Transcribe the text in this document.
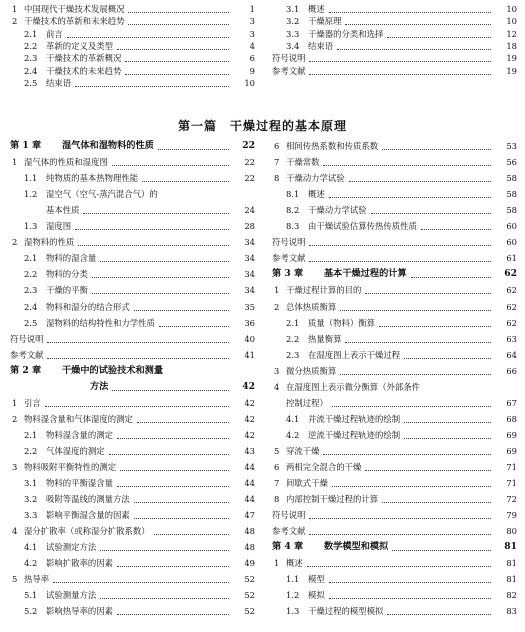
1 中国现代干燥技术发展概况	1
2 干燥技术的革新和未来趋势	3
2.1 前言	3
2.2 革新的定义及类型	4
2.3 干燥技术的革新概况	6
2.4 干燥技术的未来趋势	9
2.5 结束语	10
3.1 概述	10
3.2 干燥原理	10
3.3 干燥器的分类和选择	12
3.4 结束语	18
符号说明	19
参考文献	19
第一篇　干燥过程的基本原理
第 1 章 湿气体和湿物料的性质	22
1 湿气体的性质和湿度图	22
1.1 纯物质的基本热物理性能	22
1.2 湿空气（空气-蒸汽混合气）的
基本性质	24
1.3 湿度图	28
2 湿物料的性质	34
2.1 物料的湿含量	34
2.2 物料的分类	34
2.3 干燥的平衡	34
2.4 物料和湿分的结合形式	35
2.5 湿物料的结构特性和力学性质	36
符号说明	40
参考文献	41
第 2 章 干燥中的试验技术和测量
方法	42
1 引言	42
2 物料湿含量和气体湿度的测定	42
2.1 物料湿含量的测定	42
2.2 气体湿度的测定	43
3 物料吸附平衡特性的测定	44
3.1 物料的平衡湿含量	44
3.2 吸附等温线的测量方法	44
3.3 影响平衡湿含量的因素	47
4 湿分扩散率（或称湿分扩散系数）	48
4.1 试验测定方法	48
4.2 影响扩散率的因素	49
5 热导率	52
5.1 试验测量方法	52
5.2 影响热导率的因素	52
6 相间传热系数和传质系数	53
7 干燥常数	56
8 干燥动力学试验	58
8.1 概述	58
8.2 干燥动力学试验	58
8.3 由干燥试验估算传热传质性质	60
符号说明	60
参考文献	61
第 3 章 基本干燥过程的计算	62
1 干燥过程计算的目的	62
2 总体热质衡算	62
2.1 质量（物料）衡算	62
2.2 热量衡算	63
2.3 在湿度图上表示干燥过程	64
3 微分热质衡算	66
4 在湿度图上表示微分衡算（外部条件
控制过程）	67
4.1 并流干燥过程轨迹的绘制	68
4.2 逆流干燥过程轨迹的绘制	69
5 穿流干燥	69
6 两相完全混合的干燥	71
7 间歇式干燥	71
8 内部控制干燥过程的计算	72
符号说明	79
参考文献	80
第 4 章 数学模型和模拟	81
1 概述	81
1.1 模型	81
1.2 模拟	82
1.3 干燥过程的模型模拟	83
